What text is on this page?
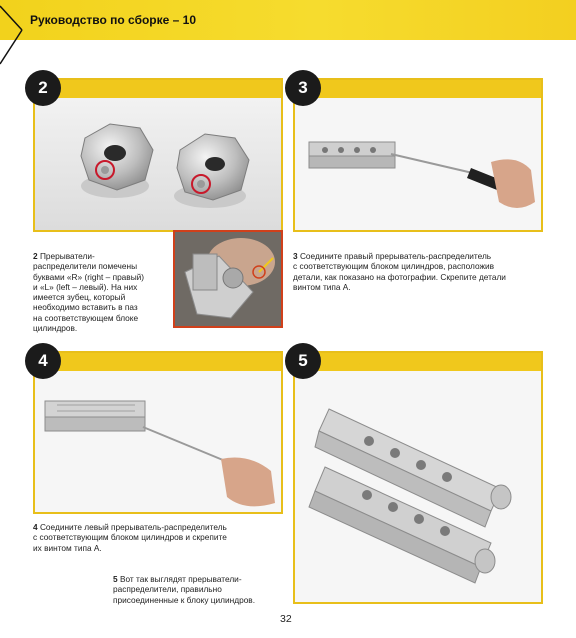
Руководство по сборке – 10
2
2 Прерыватели-
распределители помечены
буквами «R» (right – правый)
и «L» (left – левый). На них
имеется зубец, который
необходимо вставить в паз
на соответствующем блоке
цилиндров.
3
3 Соедините правый прерыватель-распределитель
с соответствующим блоком цилиндров, расположив
детали, как показано на фотографии. Скрепите детали
винтом типа А.
4
4 Соедините левый прерыватель-распределитель
с соответствующим блоком цилиндров и скрепите
их винтом типа А.
5
5 Вот так выглядят прерыватели-
распределители, правильно
присоединенные к блоку цилиндров.
32
